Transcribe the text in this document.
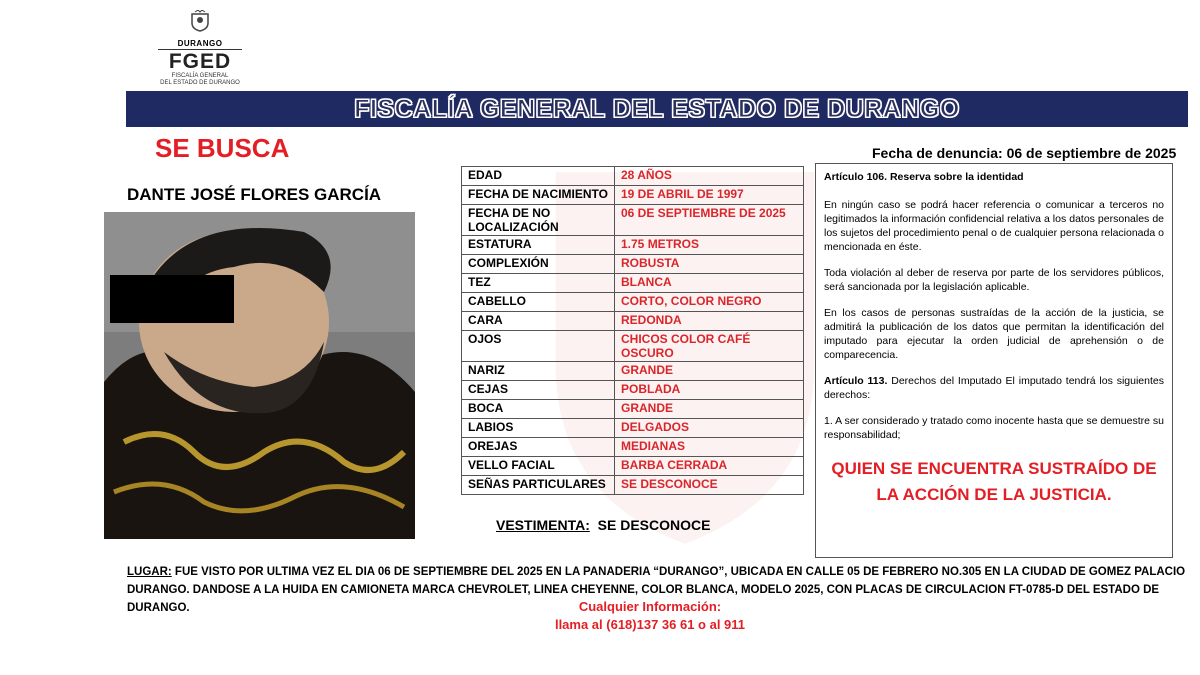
DURANGO
FGED
FISCALÍA GENERAL
DEL ESTADO DE DURANGO
FISCALÍA GENERAL DEL ESTADO DE DURANGO
SE BUSCA	Fecha de denuncia: 06 de septiembre de 2025
DANTE JOSÉ FLORES GARCÍA
EDAD	28 AÑOS
FECHA DE NACIMIENTO	19 DE ABRIL DE 1997
FECHA DE NO LOCALIZACIÓN	06 DE SEPTIEMBRE DE 2025
ESTATURA	1.75 METROS
COMPLEXIÓN	ROBUSTA
TEZ	BLANCA
CABELLO	CORTO, COLOR NEGRO
CARA	REDONDA
OJOS	CHICOS COLOR CAFÉ OSCURO
NARIZ	GRANDE
CEJAS	POBLADA
BOCA	GRANDE
LABIOS	DELGADOS
OREJAS	MEDIANAS
VELLO FACIAL	BARBA CERRADA
SEÑAS PARTICULARES	SE DESCONOCE
VESTIMENTA: SE DESCONOCE

Artículo 106. Reserva sobre la identidad

En ningún caso se podrá hacer referencia o comunicar a terceros no legitimados la información confidencial relativa a los datos personales de los sujetos del procedimiento penal o de cualquier persona relacionada o mencionada en éste.

Toda violación al deber de reserva por parte de los servidores públicos, será sancionada por la legislación aplicable.

En los casos de personas sustraídas de la acción de la justicia, se admitirá la publicación de los datos que permitan la identificación del imputado para ejecutar la orden judicial de aprehensión o de comparecencia.

Artículo 113. Derechos del Imputado El imputado tendrá los siguientes derechos:

1. A ser considerado y tratado como inocente hasta que se demuestre su responsabilidad;

QUIEN SE ENCUENTRA SUSTRAÍDO DE LA ACCIÓN DE LA JUSTICIA.
LUGAR: FUE VISTO POR ULTIMA VEZ EL DIA 06 DE SEPTIEMBRE DEL 2025 EN LA PANADERIA “DURANGO”, UBICADA EN CALLE 05 DE FEBRERO NO.305 EN LA CIUDAD DE GOMEZ PALACIO DURANGO. DANDOSE A LA HUIDA EN CAMIONETA MARCA CHEVROLET, LINEA CHEYENNE, COLOR BLANCA, MODELO 2025, CON PLACAS DE CIRCULACION FT-0785-D DEL ESTADO DE DURANGO.	Cualquier Información:
llama al (618)137 36 61 o al 911
